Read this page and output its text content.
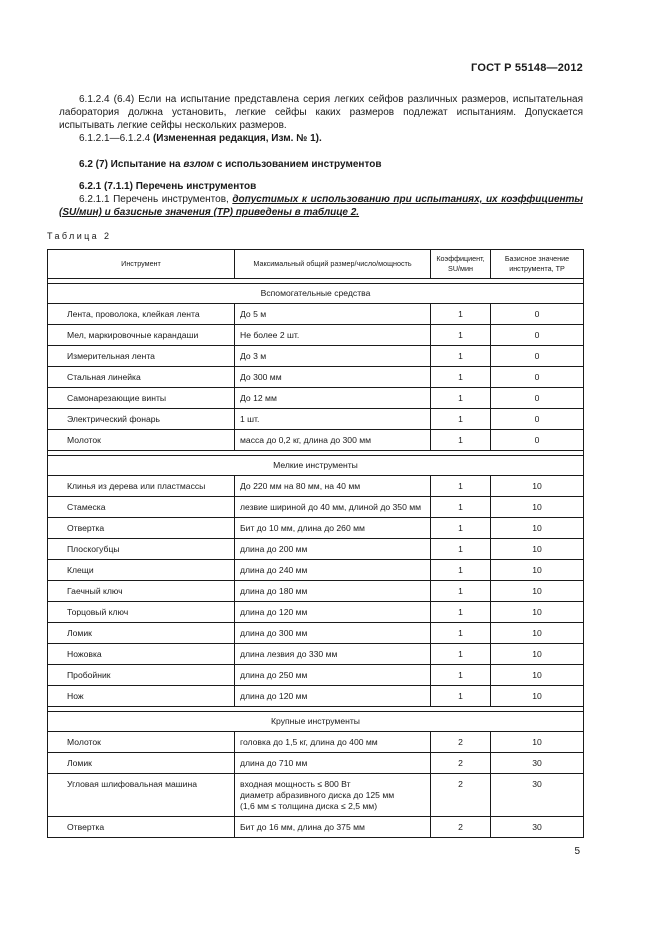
ГОСТ Р 55148—2012

6.1.2.4 (6.4) Если на испытание представлена серия легких сейфов различных размеров, испытательная лаборатория должна установить, легкие сейфы каких размеров подлежат испытаниям. Допускается испытывать легкие сейфы нескольких размеров.

6.1.2.1—6.1.2.4 (Измененная редакция, Изм. № 1).

6.2 (7) Испытание на взлом с использованием инструментов

6.2.1 (7.1.1) Перечень инструментов

6.2.1.1 Перечень инструментов, допустимых к использованию при испытаниях, их коэффициенты (SU/мин) и базисные значения (TP) приведены в таблице 2.

Таблица 2
Инструмент	Максимальный общий размер/число/мощность	Коэффициент, SU/мин	Базисное значение инструмента, TP

Вспомогательные средства			
Лента, проволока, клейкая лента	До 5 м	1	0
Мел, маркировочные карандаши	Не более 2 шт.	1	0
Измерительная лента	До 3 м	1	0
Стальная линейка	До 300 мм	1	0
Самонарезающие винты	До 12 мм	1	0
Электрический фонарь	1 шт.	1	0
Молоток	масса до 0,2 кг, длина до 300 мм	1	0

Мелкие инструменты			
Клинья из дерева или пластмассы	До 220 мм на 80 мм, на 40 мм	1	10
Стамеска	лезвие шириной до 40 мм, длиной до 350 мм	1	10
Отвертка	Бит до 10 мм, длина до 260 мм	1	10
Плоскогубцы	длина до 200 мм	1	10
Клещи	длина до 240 мм	1	10
Гаечный ключ	длина до 180 мм	1	10
Торцовый ключ	длина до 120 мм	1	10
Ломик	длина до 300 мм	1	10
Ножовка	длина лезвия до 330 мм	1	10
Пробойник	длина до 250 мм	1	10
Нож	длина до 120 мм	1	10

Крупные инструменты			
Молоток	головка до 1,5 кг, длина до 400 мм	2	10
Ломик	длина до 710 мм	2	30
Угловая шлифовальная машина	входная мощность ≤ 800 Вт
диаметр абразивного диска до 125 мм
(1,6 мм ≤ толщина диска ≤ 2,5 мм)	2	30
Отвертка	Бит до 16 мм, длина до 375 мм	2	30
5
